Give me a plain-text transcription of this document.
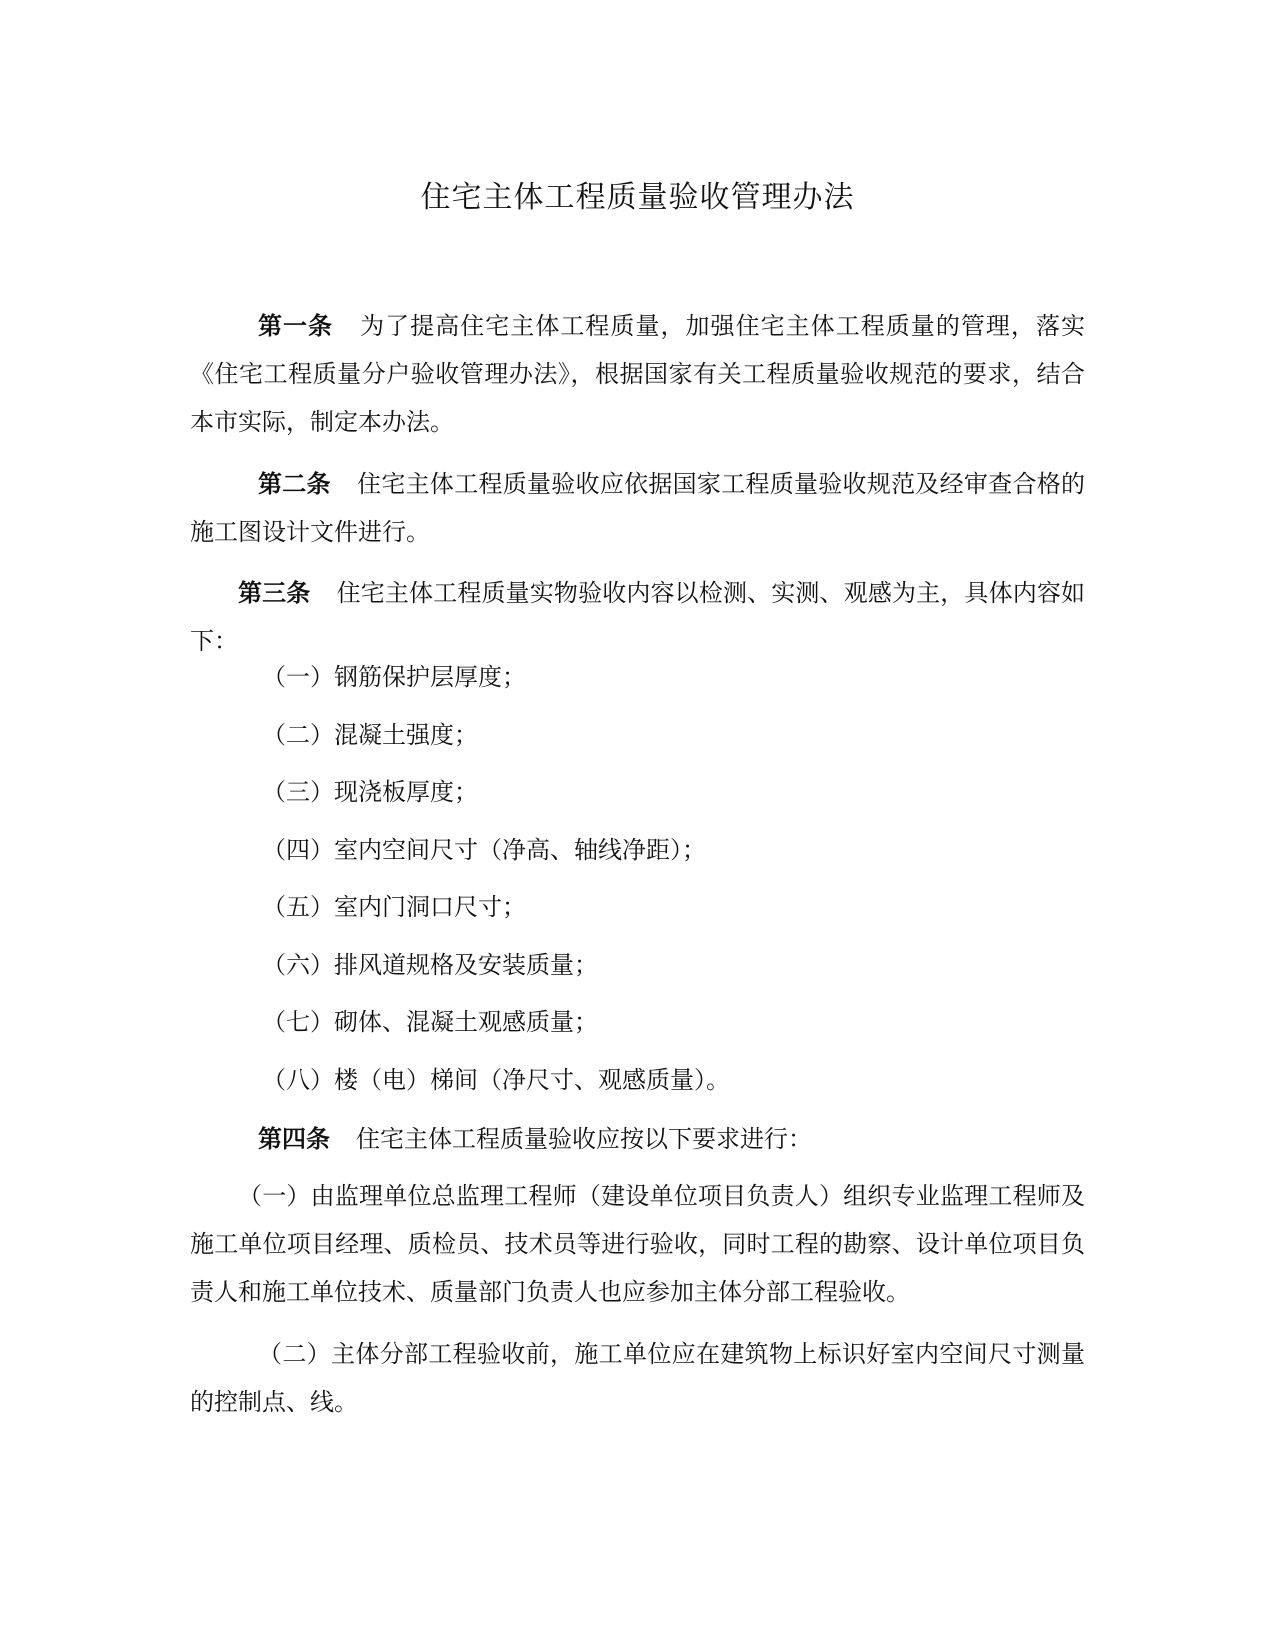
住宅主体工程质量验收管理办法
第一条 为了提高住宅主体工程质量，加强住宅主体工程质量的管理，落实《住宅工程质量分户验收管理办法》，根据国家有关工程质量验收规范的要求，结合本市实际，制定本办法。
第二条 住宅主体工程质量验收应依据国家工程质量验收规范及经审查合格的施工图设计文件进行。
第三条 住宅主体工程质量实物验收内容以检测、实测、观感为主，具体内容如下：
（一）钢筋保护层厚度；
（二）混凝土强度；
（三）现浇板厚度；
（四）室内空间尺寸（净高、轴线净距）；
（五）室内门洞口尺寸；
（六）排风道规格及安装质量；
（七）砌体、混凝土观感质量；
（八）楼（电）梯间（净尺寸、观感质量）。
第四条 住宅主体工程质量验收应按以下要求进行：
（一）由监理单位总监理工程师（建设单位项目负责人）组织专业监理工程师及施工单位项目经理、质检员、技术员等进行验收，同时工程的勘察、设计单位项目负责人和施工单位技术、质量部门负责人也应参加主体分部工程验收。
（二）主体分部工程验收前，施工单位应在建筑物上标识好室内空间尺寸测量的控制点、线。
